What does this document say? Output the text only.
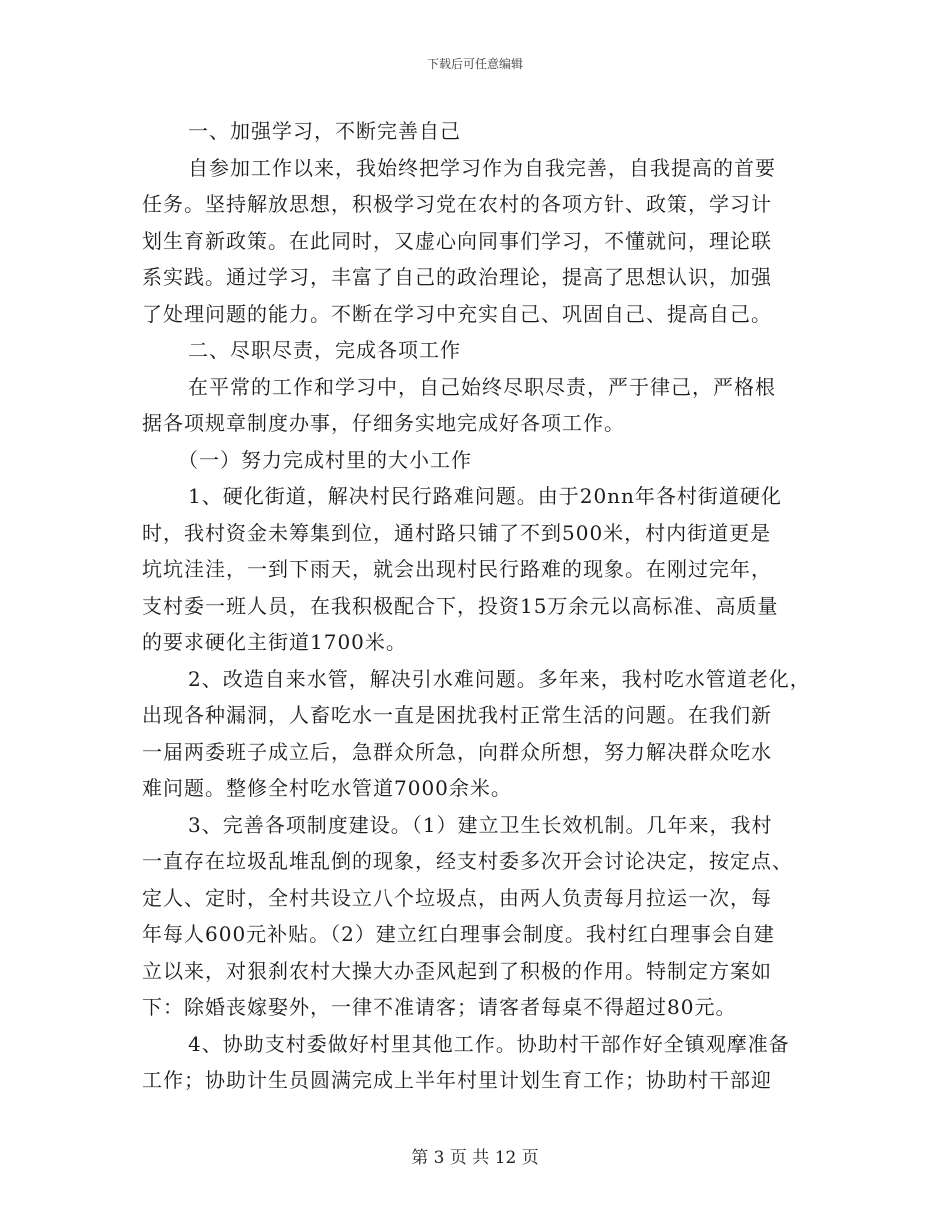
下载后可任意编辑
一、加强学习，不断完善自己
自参加工作以来，我始终把学习作为自我完善，自我提高的首要
任务。坚持解放思想，积极学习党在农村的各项方针、政策，学习计
划生育新政策。在此同时，又虚心向同事们学习，不懂就问，理论联
系实践。通过学习，丰富了自己的政治理论，提高了思想认识，加强
了处理问题的能力。不断在学习中充实自己、巩固自己、提高自己。
二、尽职尽责，完成各项工作
在平常的工作和学习中，自己始终尽职尽责，严于律己，严格根
据各项规章制度办事，仔细务实地完成好各项工作。
（一）努力完成村里的大小工作
1、硬化街道，解决村民行路难问题。由于20nn年各村街道硬化
时，我村资金未筹集到位，通村路只铺了不到500米，村内街道更是
坑坑洼洼，一到下雨天，就会出现村民行路难的现象。在刚过完年，
支村委一班人员，在我积极配合下，投资15万余元以高标准、高质量
的要求硬化主街道1700米。
2、改造自来水管，解决引水难问题。多年来，我村吃水管道老化，
出现各种漏洞，人畜吃水一直是困扰我村正常生活的问题。在我们新
一届两委班子成立后，急群众所急，向群众所想，努力解决群众吃水
难问题。整修全村吃水管道7000余米。
3、完善各项制度建设。（1）建立卫生长效机制。几年来，我村
一直存在垃圾乱堆乱倒的现象，经支村委多次开会讨论决定，按定点、
定人、定时，全村共设立八个垃圾点，由两人负责每月拉运一次，每
年每人600元补贴。（2）建立红白理事会制度。我村红白理事会自建
立以来，对狠刹农村大操大办歪风起到了积极的作用。特制定方案如
下：除婚丧嫁娶外，一律不准请客；请客者每桌不得超过80元。
4、协助支村委做好村里其他工作。协助村干部作好全镇观摩准备
工作；协助计生员圆满完成上半年村里计划生育工作；协助村干部迎
第 3 页 共 12 页
